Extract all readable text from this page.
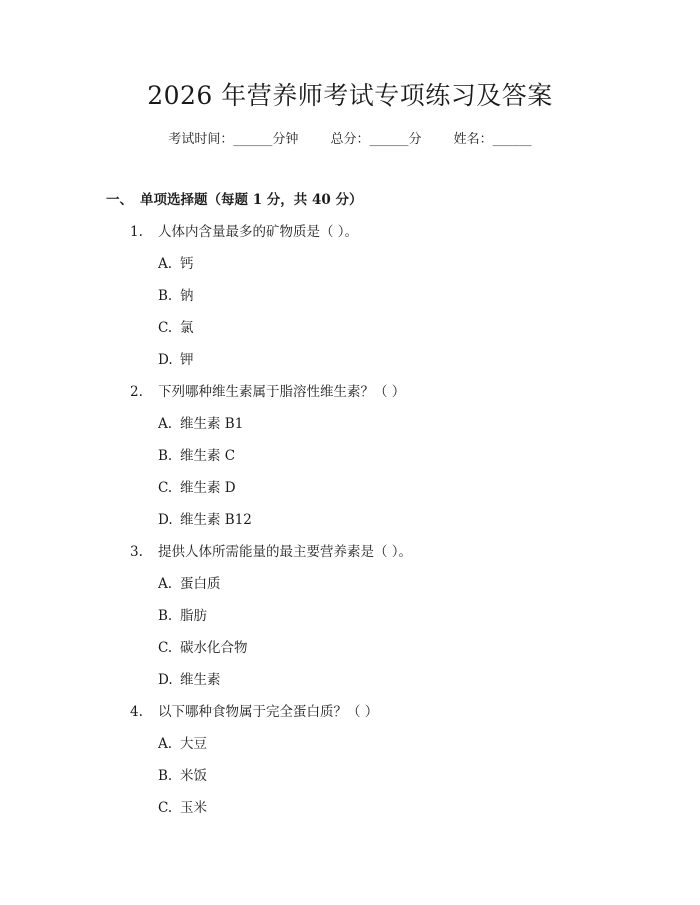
2026 年营养师考试专项练习及答案
考试时间：______分钟 总分：______分 姓名：______
一、 单项选择题（每题 1 分，共 40 分）
1. 人体内含量最多的矿物质是（ ）。
A. 钙
B. 钠
C. 氯
D. 钾
2. 下列哪种维生素属于脂溶性维生素？（ ）
A. 维生素 B1
B. 维生素 C
C. 维生素 D
D. 维生素 B12
3. 提供人体所需能量的最主要营养素是（ ）。
A. 蛋白质
B. 脂肪
C. 碳水化合物
D. 维生素
4. 以下哪种食物属于完全蛋白质？（ ）
A. 大豆
B. 米饭
C. 玉米
